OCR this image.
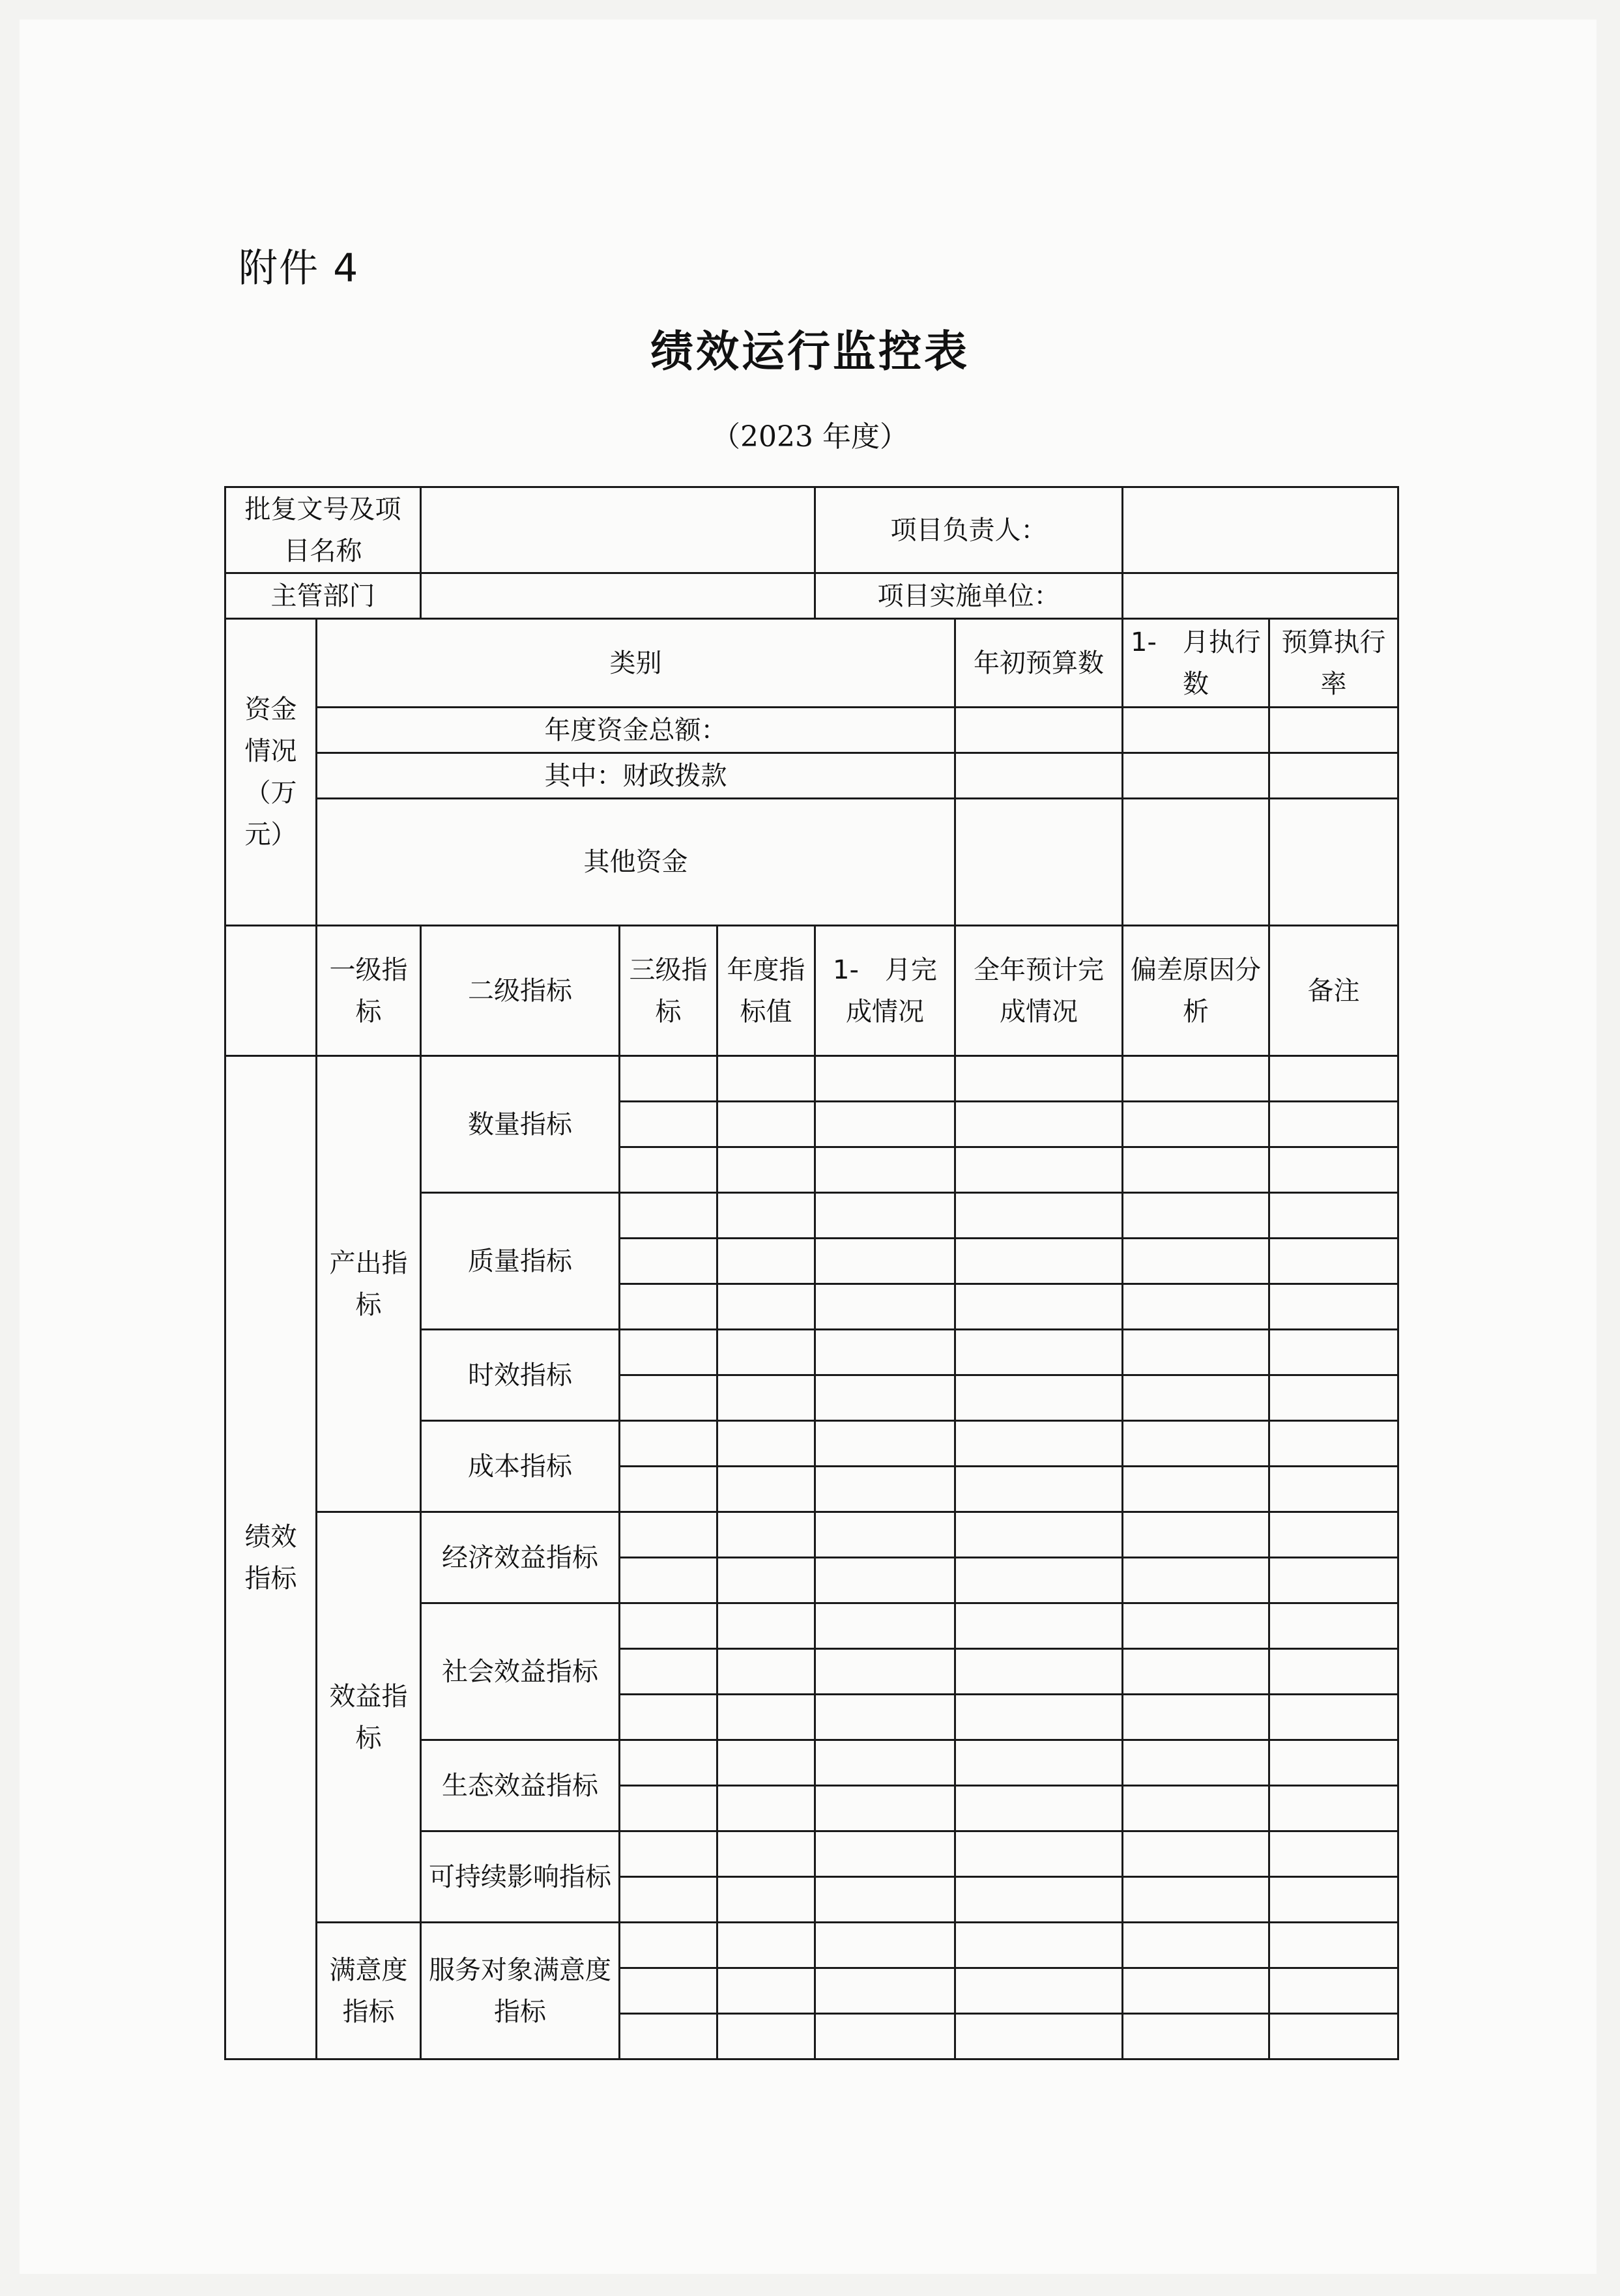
附件 4
绩效运行监控表
（2023 年度）
批复文号及项目名称					项目负责人：			
主管部门					项目实施单位：			
资金情况（万元）	类别					年初预算数	1-　月执行数	预算执行率
	年度资金总额：							
	其中：财政拨款							
	其他资金							
	一级指标	二级指标	三级指标	年度指标值	1-　月完成情况	全年预计完成情况	偏差原因分析	备注
绩效指标	产出指标	数量指标						

		质量指标						

		时效指标						

		成本指标						

	效益指标	经济效益指标						

		社会效益指标						

		生态效益指标						

		可持续影响指标						

	满意度指标	服务对象满意度指标						
